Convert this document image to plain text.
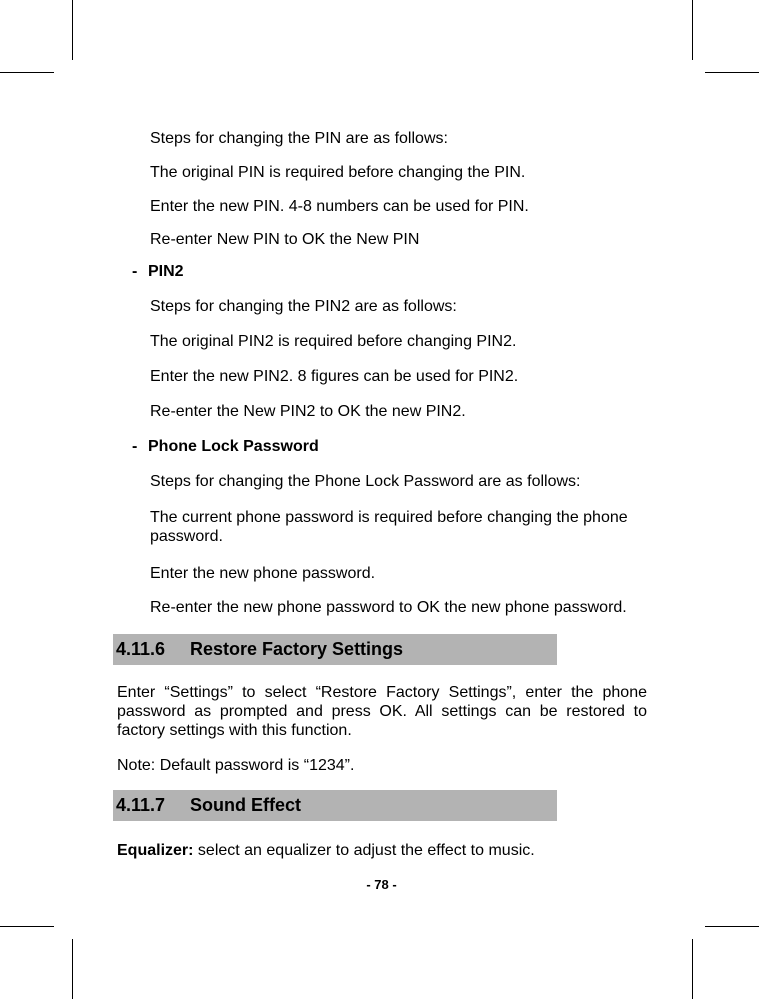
Steps for changing the PIN are as follows:
The original PIN is required before changing the PIN.
Enter the new PIN. 4-8 numbers can be used for PIN.
Re-enter New PIN to OK the New PIN
- PIN2
Steps for changing the PIN2 are as follows:
The original PIN2 is required before changing PIN2.
Enter the new PIN2. 8 figures can be used for PIN2.
Re-enter the New PIN2 to OK the new PIN2.
- Phone Lock Password
Steps for changing the Phone Lock Password are as follows:
The current phone password is required before changing the phone password.
Enter the new phone password.
Re-enter the new phone password to OK the new phone password.
4.11.6 Restore Factory Settings
Enter “Settings” to select “Restore Factory Settings”, enter the phone password as prompted and press OK. All settings can be restored to factory settings with this function.
Note: Default password is “1234”.
4.11.7 Sound Effect
Equalizer: select an equalizer to adjust the effect to music.
- 78 -
